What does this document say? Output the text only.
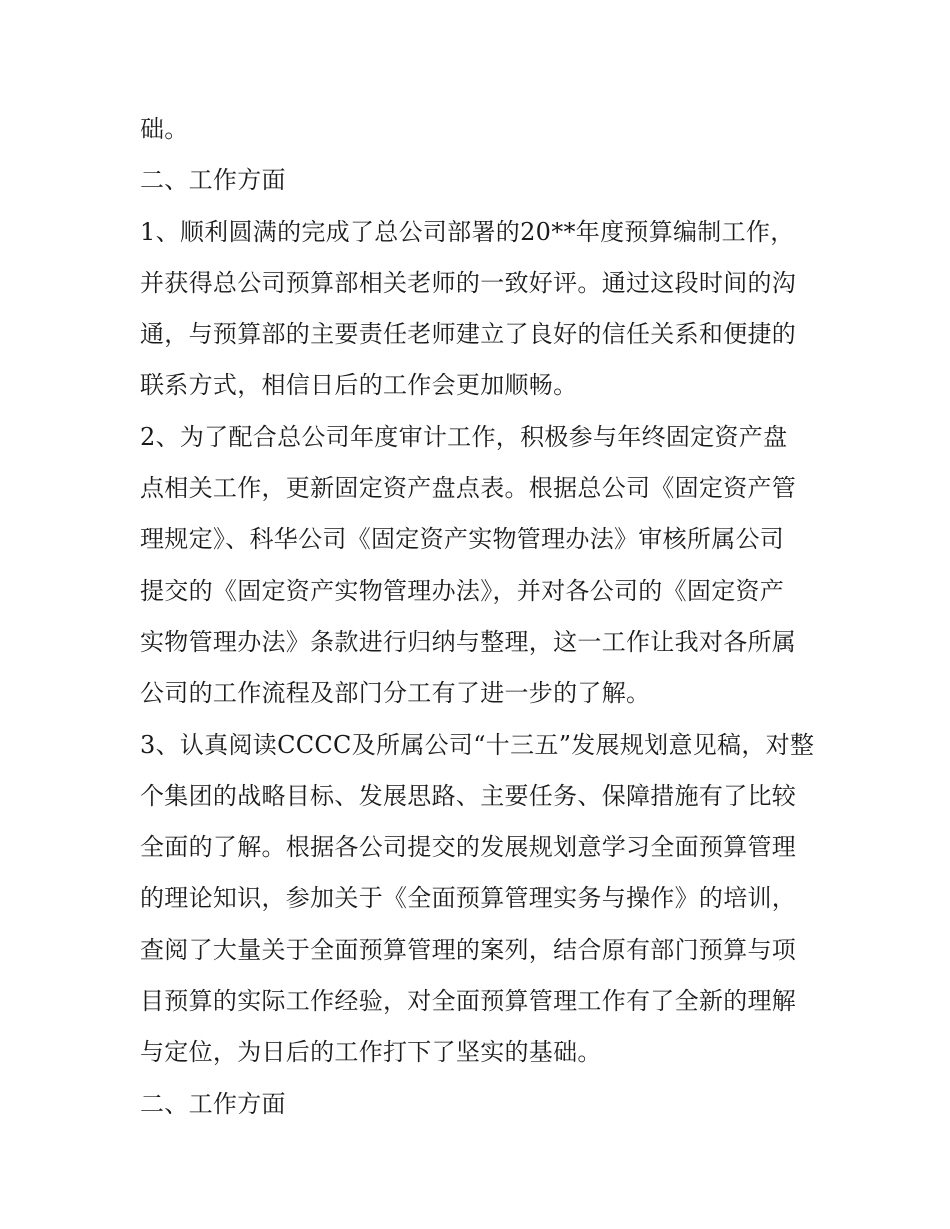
础。
二、工作方面
1、顺利圆满的完成了总公司部署的20**年度预算编制工作，
并获得总公司预算部相关老师的一致好评。通过这段时间的沟
通，与预算部的主要责任老师建立了良好的信任关系和便捷的
联系方式，相信日后的工作会更加顺畅。
2、为了配合总公司年度审计工作，积极参与年终固定资产盘
点相关工作，更新固定资产盘点表。根据总公司《固定资产管
理规定》、科华公司《固定资产实物管理办法》审核所属公司
提交的《固定资产实物管理办法》，并对各公司的《固定资产
实物管理办法》条款进行归纳与整理，这一工作让我对各所属
公司的工作流程及部门分工有了进一步的了解。
3、认真阅读CCCC及所属公司“十三五”发展规划意见稿，对整
个集团的战略目标、发展思路、主要任务、保障措施有了比较
全面的了解。根据各公司提交的发展规划意学习全面预算管理
的理论知识，参加关于《全面预算管理实务与操作》的培训，
查阅了大量关于全面预算管理的案列，结合原有部门预算与项
目预算的实际工作经验，对全面预算管理工作有了全新的理解
与定位，为日后的工作打下了坚实的基础。
二、工作方面
